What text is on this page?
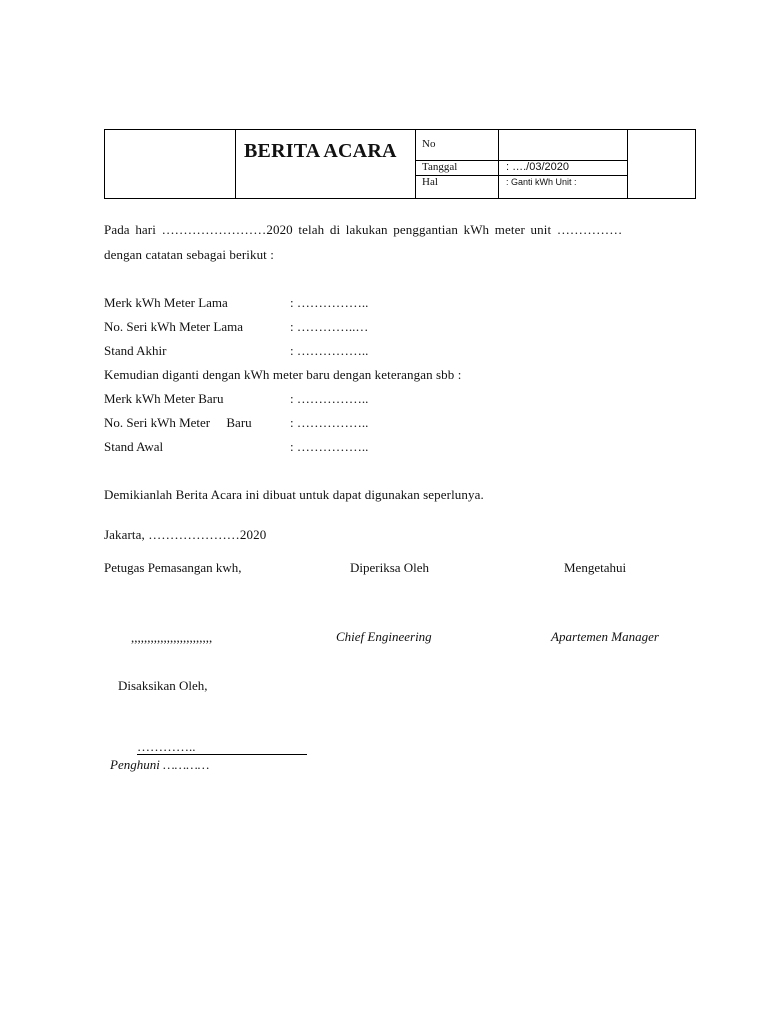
BERITA ACARA No
Tanggal	: …./03/2020
Hal	: Ganti kWh Unit :
Pada hari ……………………2020 telah di lakukan penggantian kWh meter unit ……………
dengan catatan sebagai berikut :
Merk kWh Meter Lama	: ……………..
No. Seri kWh Meter Lama	: …………..…
Stand Akhir	: ……………..
Kemudian diganti dengan kWh meter baru dengan keterangan sbb :
Merk kWh Meter Baru	: ……………..
No. Seri kWh Meter     Baru	: ……………..
Stand Awal	: ……………..
Demikianlah Berita Acara ini dibuat untuk dapat digunakan seperlunya.
Jakarta, …………………2020
Petugas Pemasangan kwh,	Diperiksa Oleh	Mengetahui
,,,,,,,,,,,,,,,,,,,,,,,,,	Chief Engineering	Apartemen Manager
Disaksikan Oleh,
…………..
Penghuni …………
